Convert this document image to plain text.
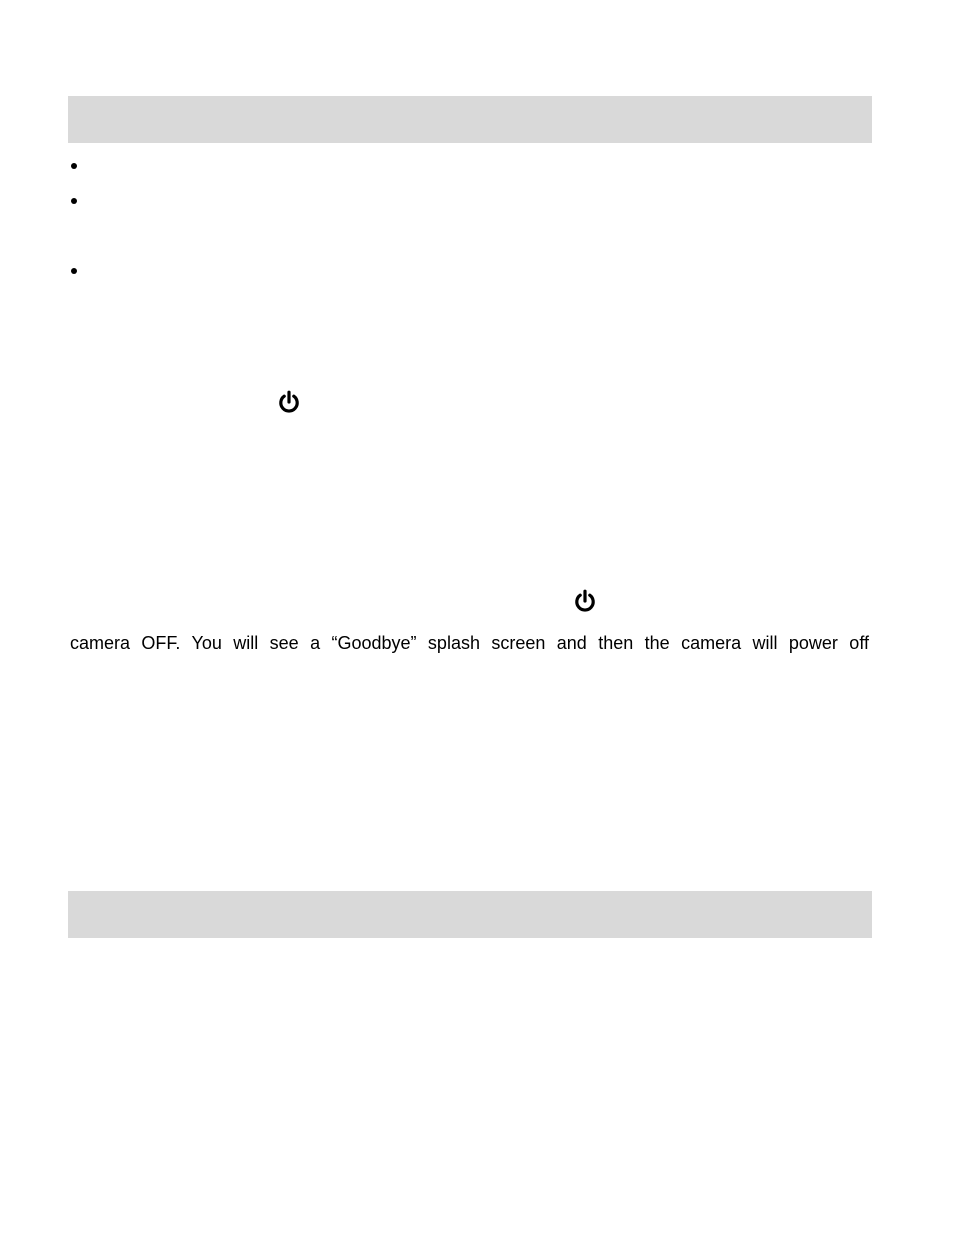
camera OFF. You will see a “Goodbye” splash screen and then the camera will power off
